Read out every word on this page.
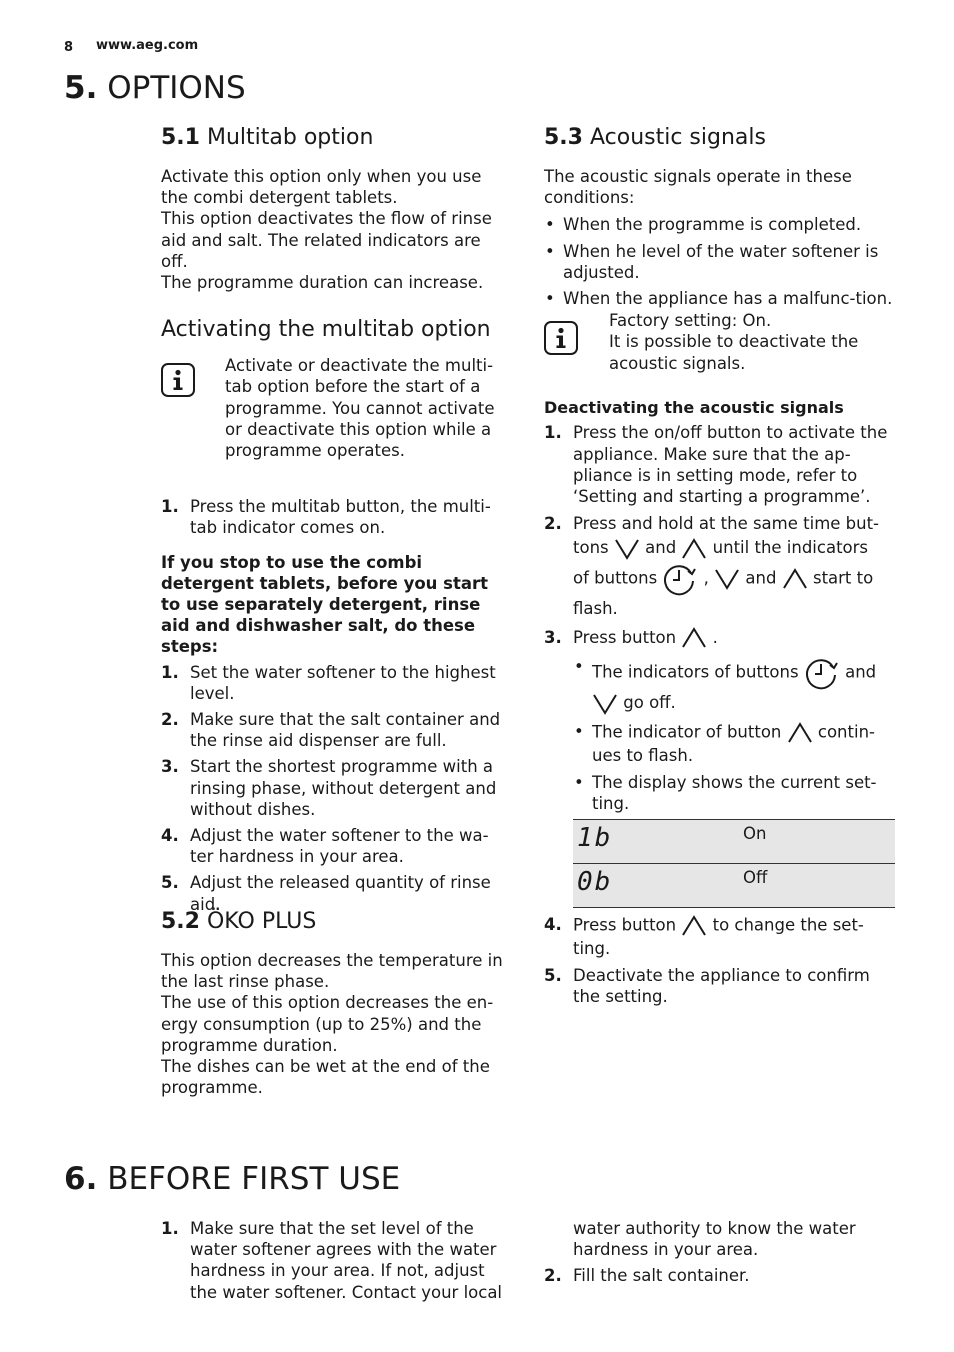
8 www.aeg.com
5. OPTIONS
5.1 Multitab option

Activate this option only when you use the combi detergent tablets.

This option deactivates the flow of rinse aid and salt. The related indicators are off.

The programme duration can increase.

Activating the multitab option

Activate or deactivate the multi-tab option before the start of a programme. You cannot activate or deactivate this option while a programme operates.

1. Press the multitab button, the multi-tab indicator comes on.

If you stop to use the combi detergent tablets, before you start to use separately detergent, rinse aid and dishwasher salt, do these steps:

1. Set the water softener to the highest level.
2. Make sure that the salt container and the rinse aid dispenser are full.
3. Start the shortest programme with a rinsing phase, without detergent and without dishes.
4. Adjust the water softener to the wa-ter hardness in your area.
5. Adjust the released quantity of rinse aid.
5.2 ÖKO PLUS

This option decreases the temperature in the last rinse phase.

The use of this option decreases the en-ergy consumption (up to 25%) and the programme duration.

The dishes can be wet at the end of the programme.

5.3 Acoustic signals

The acoustic signals operate in these conditions:

• When the programme is completed.
• When he level of the water softener is adjusted.
• When the appliance has a malfunc-tion.

Factory setting: On.

It is possible to deactivate the acoustic signals.

Deactivating the acoustic signals

1. Press the on/off button to activate the appliance. Make sure that the ap-pliance is in setting mode, refer to ‘Setting and starting a programme’.
2. Press and hold at the same time but-tons and until the indicators
of buttons	, and start to flash.
3. Press button .
• The indicators of buttons	and
go off.
• The indicator of button contin-ues to flash.
• The display shows the current set-ting.
1b	On
0b	Off
4. Press button to change the set-ting.
5. Deactivate the appliance to confirm the setting.
6. BEFORE FIRST USE
1. Make sure that the set level of the water softener agrees with the water hardness in your area. If not, adjust the water softener. Contact your local

water authority to know the water hardness in your area.

2. Fill the salt container.
